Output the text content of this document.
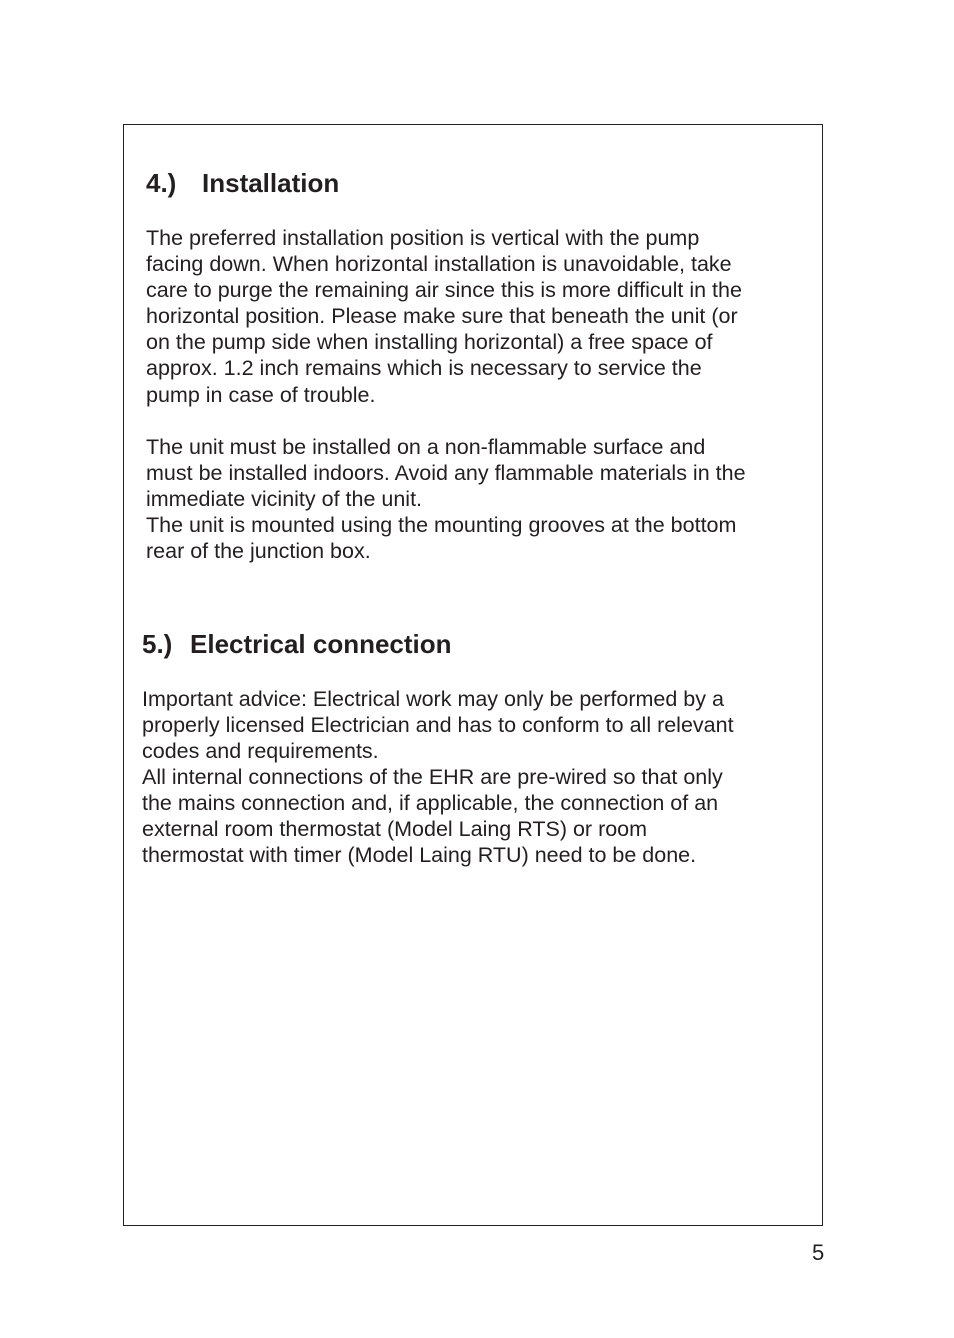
4.) Installation

The preferred installation position is vertical with the pump
facing down. When horizontal installation is unavoidable, take
care to purge the remaining air since this is more difficult in the
horizontal position. Please make sure that beneath the unit (or
on the pump side when installing horizontal) a free space of
approx. 1.2 inch remains which is necessary to service the
pump in case of trouble.

The unit must be installed on a non-flammable surface and
must be installed indoors. Avoid any flammable materials in the
immediate vicinity of the unit.

The unit is mounted using the mounting grooves at the bottom
rear of the junction box.

5.) Electrical connection

Important advice: Electrical work may only be performed by a
properly licensed Electrician and has to conform to all relevant
codes and requirements.

All internal connections of the EHR are pre-wired so that only
the mains connection and, if applicable, the connection of an
external room thermostat (Model Laing RTS) or room
thermostat with timer (Model Laing RTU) need to be done.

5
